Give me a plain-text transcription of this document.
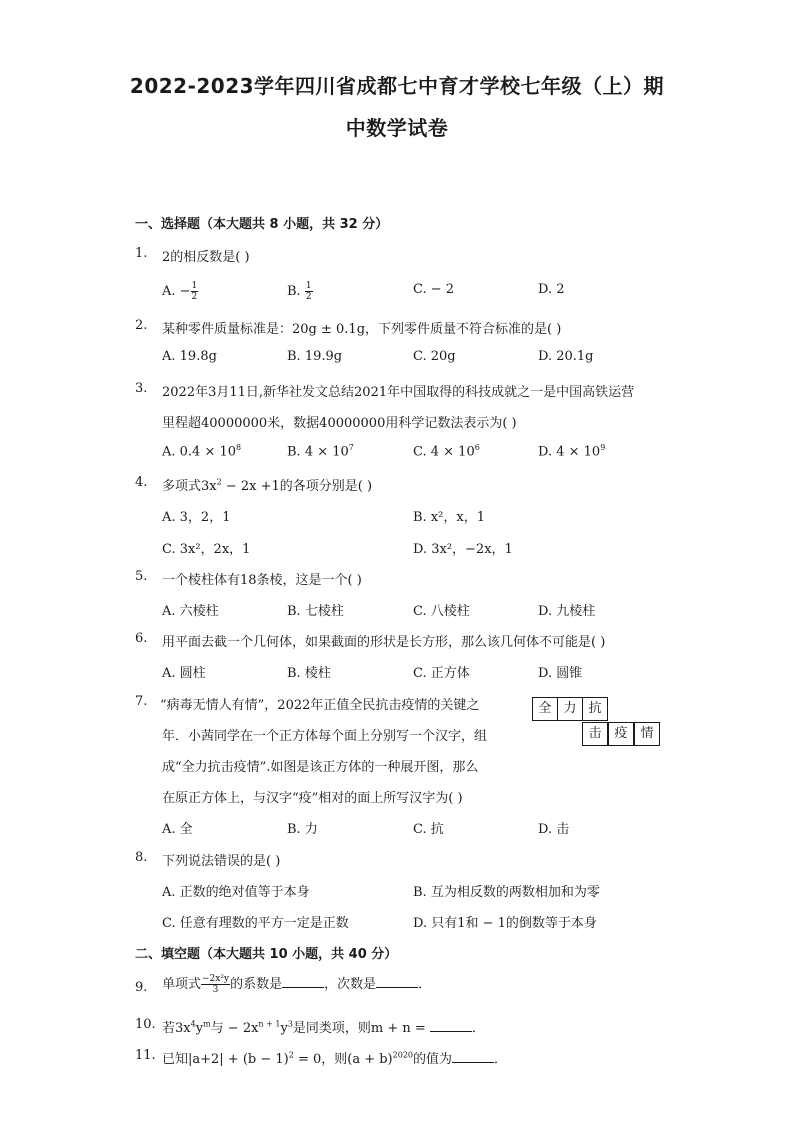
2022-2023学年四川省成都七中育才学校七年级（上）期
中数学试卷
一、选择题（本大题共 8 小题，共 32 分）
1. 2的相反数是( )
A. − $\frac{1}{2}$	B. $\frac{1}{2}$	C. − 2	D. 2
2. 某种零件质量标准是：20g ± 0.1g，下列零件质量不符合标准的是( )
A. 19.8g	B. 19.9g	C. 20g	D. 20.1g
3. 2022年3月11日,新华社发文总结2021年中国取得的科技成就之一是中国高铁运营
里程超40000000米，数据40000000用科学记数法表示为( )
A. $0.4 \times 10^8$	B. $4 \times 10^7$	C. $4 \times 10^6$	D. $4 \times 10^9$
4. 多项式$3x^2 - 2x +1$的各项分别是( )
A. 3，2，1	B. x²，x，1
C. 3x²，2x，1	D. 3x²，−2x，1
5. 一个棱柱体有18条棱，这是一个( )
A. 六棱柱	B. 七棱柱	C. 八棱柱	D. 九棱柱
6. 用平面去截一个几何体，如果截面的形状是长方形，那么该几何体不可能是( )
A. 圆柱	B. 棱柱	C. 正方体	D. 圆锥
7. “病毒无情人有情”，2022年正值全民抗击疫情的关键之
年．小茜同学在一个正方体每个面上分别写一个汉字，组
成“全力抗击疫情”.如图是该正方体的一种展开图，那么
在原正方体上，与汉字“疫”相对的面上所写汉字为( )
全 力 抗
击 疫 情
A. 全	B. 力	C. 抗	D. 击
8. 下列说法错误的是( )
A. 正数的绝对值等于本身	B. 互为相反数的两数相加和为零
C. 任意有理数的平方一定是正数	D. 只有1和 − 1的倒数等于本身
二、填空题（本大题共 10 小题，共 40 分）
9. 单项式 $\frac{\text{−2x²y}}{3}$ 的系数是	，次数是	．
10. 若$3x^4y^m$与 − $2x^{n + 1}y^3$是同类项，则m + n =	．
11. 已知$|a+2| + (b - 1)^2 = 0$，则$(a + b)^{2020}$的值为	．
